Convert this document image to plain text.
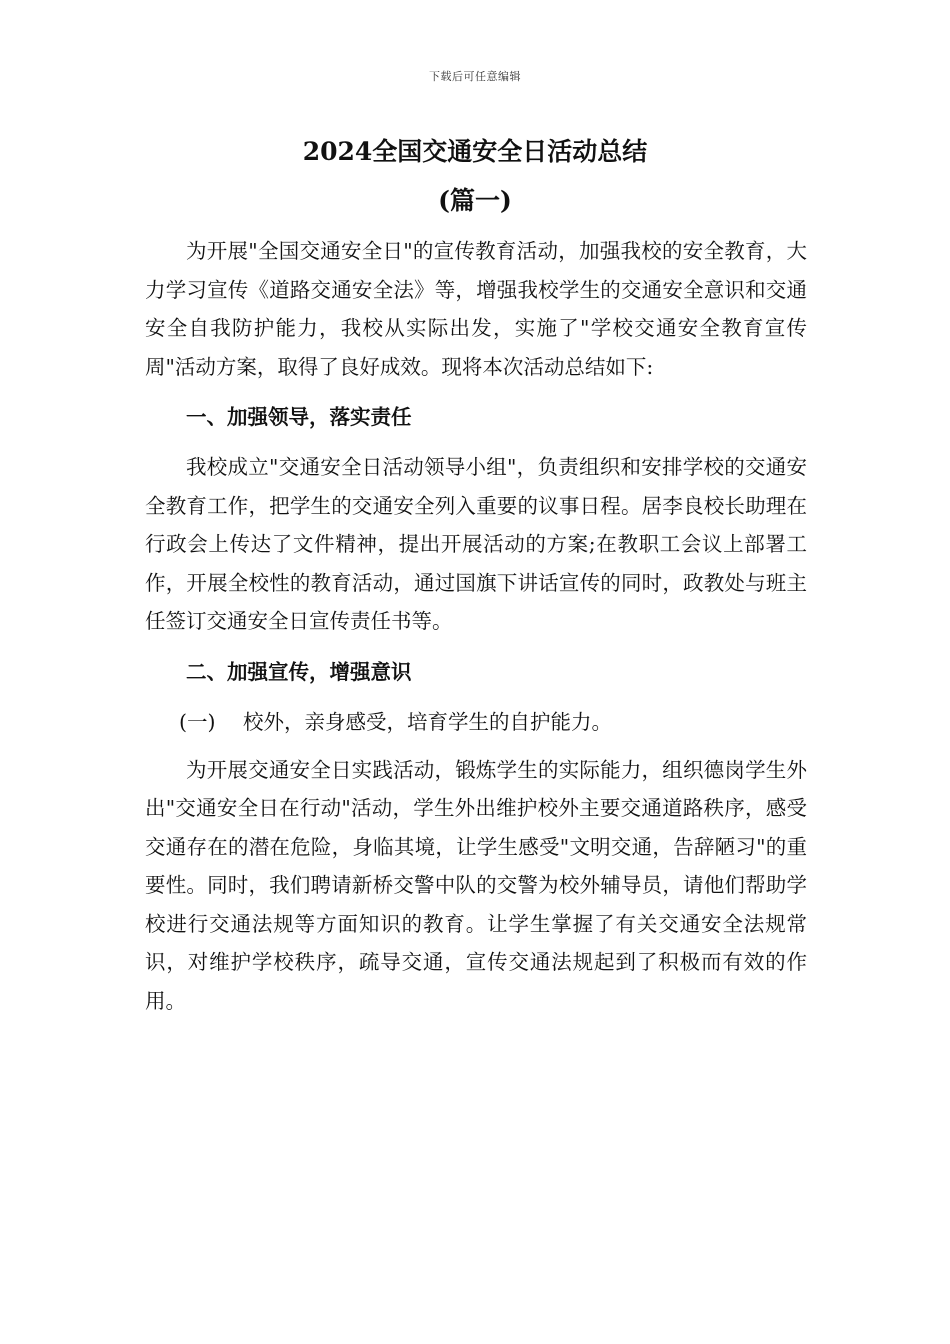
下载后可任意编辑
2024全国交通安全日活动总结
(篇一)

为开展"全国交通安全日"的宣传教育活动，加强我校的安全教育，大力学习宣传《道路交通安全法》等，增强我校学生的交通安全意识和交通安全自我防护能力，我校从实际出发，实施了"学校交通安全教育宣传周"活动方案，取得了良好成效。现将本次活动总结如下:

一、加强领导，落实责任

我校成立"交通安全日活动领导小组"，负责组织和安排学校的交通安全教育工作，把学生的交通安全列入重要的议事日程。居李良校长助理在行政会上传达了文件精神，提出开展活动的方案;在教职工会议上部署工作，开展全校性的教育活动，通过国旗下讲话宣传的同时，政教处与班主任签订交通安全日宣传责任书等。

二、加强宣传，增强意识
(一) 校外，亲身感受，培育学生的自护能力。

为开展交通安全日实践活动，锻炼学生的实际能力，组织德岗学生外出"交通安全日在行动"活动，学生外出维护校外主要交通道路秩序，感受交通存在的潜在危险，身临其境，让学生感受"文明交通，告辞陋习"的重要性。同时，我们聘请新桥交警中队的交警为校外辅导员，请他们帮助学校进行交通法规等方面知识的教育。让学生掌握了有关交通安全法规常识，对维护学校秩序，疏导交通，宣传交通法规起到了积极而有效的作用。
